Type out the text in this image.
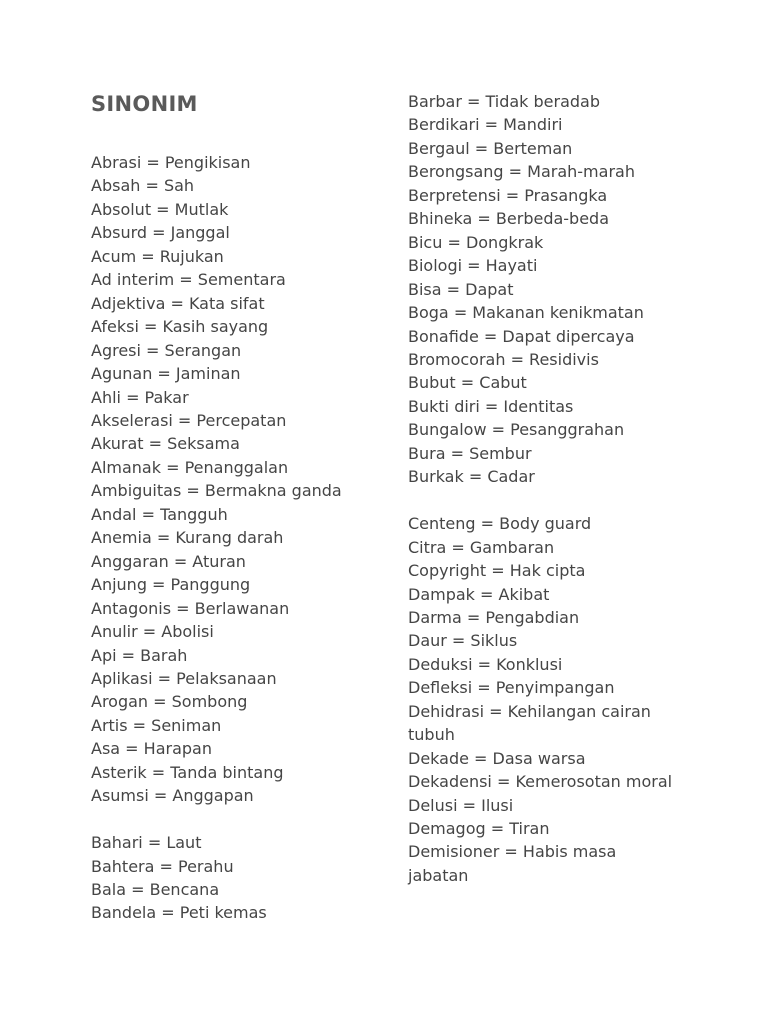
SINONIM
Abrasi = Pengikisan
Absah = Sah
Absolut = Mutlak
Absurd = Janggal
Acum = Rujukan
Ad interim = Sementara
Adjektiva = Kata sifat
Afeksi = Kasih sayang
Agresi = Serangan
Agunan = Jaminan
Ahli = Pakar
Akselerasi = Percepatan
Akurat = Seksama
Almanak = Penanggalan
Ambiguitas = Bermakna ganda
Andal = Tangguh
Anemia = Kurang darah
Anggaran = Aturan
Anjung = Panggung
Antagonis = Berlawanan
Anulir = Abolisi
Api = Barah
Aplikasi = Pelaksanaan
Arogan = Sombong
Artis = Seniman
Asa = Harapan
Asterik = Tanda bintang
Asumsi = Anggapan
Bahari = Laut
Bahtera = Perahu
Bala = Bencana
Bandela = Peti kemas
Barbar = Tidak beradab
Berdikari = Mandiri
Bergaul = Berteman
Berongsang = Marah-marah
Berpretensi = Prasangka
Bhineka = Berbeda-beda
Bicu = Dongkrak
Biologi = Hayati
Bisa = Dapat
Boga = Makanan kenikmatan
Bonafide = Dapat dipercaya
Bromocorah = Residivis
Bubut = Cabut
Bukti diri = Identitas
Bungalow = Pesanggrahan
Bura = Sembur
Burkak = Cadar
Centeng = Body guard
Citra = Gambaran
Copyright = Hak cipta
Dampak = Akibat
Darma = Pengabdian
Daur = Siklus
Deduksi = Konklusi
Defleksi = Penyimpangan
Dehidrasi = Kehilangan cairan tubuh
Dekade = Dasa warsa
Dekadensi = Kemerosotan moral
Delusi = Ilusi
Demagog = Tiran
Demisioner = Habis masa jabatan
